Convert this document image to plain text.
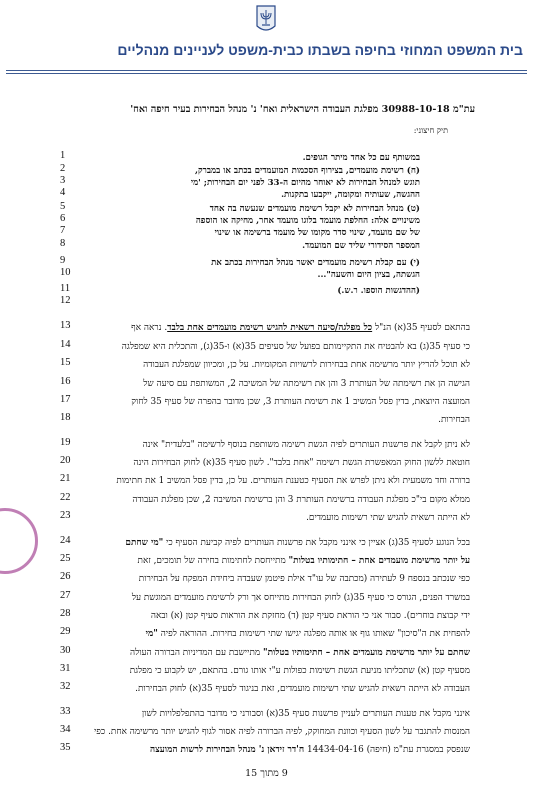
בית המשפט המחוזי בחיפה בשבתו כבית-משפט לעניינים מנהליים
עת"מ 30988-10-18 מפלגת העבודה הישראלית ואח' נ' מנהל הבחירות בעיר חיפה ואח'
תיק חיצוני:
1	במשותף עם כל אחד מיתר הגופים.
2	(ח) רשימת מועמדים, בצירוף הסכמות המועמדים בכתב או במברק,
3	תוגש למנהל הבחירות לא יאוחר מהיום ה-33 לפני יום הבחירות; 'מי
4	ההגשה, שעותיה ומקומה, ייקבעו בתקנות.
5	(ט) מנהל הבחירות לא יקבל רשימת מועמדים שנעשה בה אחד
6	משינויים אלה: החלפת מועמד בלוגו מועמד אחר, מחיקה או הוספה
7	של שם מועמד, שינוי סדר מקומו של מועמד ברשימה או שינוי
8	המספר הסידורי שליד שם המועמד.
9	(י) עם קבלת רשימת מועמדים יאשר מנהל הבחירות בכתב את
10	הגשתה, בציון היום והשעה"...
11	(ההדגשות הוספו. ר.ש.)
12
13	בהתאם לסעיף 35(א) הנ"ל כל מפלגה/סיעה רשאית להגיש רשימת מועמדים אחת בלבד. נראה אף
14	כי סעיף 35(ג) בא להבטיח את התקיימותם בפועל של סעיפים 35(א) ו-35(ג), והתכלית היא שמפלגה
15	לא תוכל להריץ יותר מרשימה אחת בבחירות לרשויות המקומיות. על כן, ומכיוון שמפלגת העבודה
16	הגישה הן את רשימתה של העותרת 3 והן את רשימתה של המשיבה 2, המשותפת עם סיעה של
17	המועצה היוצאת, בדין פסל המשיב 1 את רשימת העותרת 3, שכן מדובר בהפרה של סעיף 35 לחוק
18	הבחירות.
19	לא ניתן לקבל את פרשנות העותרים לפיה הגשת רשימה משותפת בנוסף לרשימה "בלעדית" אינה
20	חוטאת ללשון החוק המאפשרת הגשת רשימה "אחת בלבד". לשון סעיף 35(א) לחוק הבחירות הינה
21	ברורה וחד משמעית ולא ניתן לפרש את הסעיף כטענת העותרים. על כן, בדין פסל המשיב 1 את חתימות
22	ממלא מקום בי"כ מפלגת העבודה ברשימת העותרת 3 והן ברשימת המשיבה 2, שכן מפלגת העבודה
23	לא הייתה רשאית להגיש שתי רשימות מועמדים.
24	בכל הנוגע לסעיף 35(ג) אציין כי אינני מקבל את פרשנות העותרים לפיה קביעת הסעיף כי "מי שחתם
25	על יותר מרשימת מועמדים אחת – חתימותיו בטלות" מתייחסת לחתימות בחירה של תומכים, זאת
26	כפי שנכתב בנספח 9 לעתירה (מכתבה של עו"ד אילת פיטמן שעבדה ביחידת המפקח על הבחירות
27	במשרד הפנים, הגורס כי סעיף 35(ג) לחוק הבחירות מתייחס אך ורק לרשימת מועמדים המוגשת על
28	ידי קבוצת בוחרים). סבור אני כי הוראת סעיף קטן (ד) מחזקת את הוראות סעיף קטן (א) ובאה
29	להפחית את ה"סיכון" שאותו גוף או אותה מפלגה יגישו שתי רשימות בחירות. ההוראה לפיה "מי
30	שחתם על יותר מרשימת מועמדים אחת – חתימותיו בטלות" מתיישבת עם המדיניות הברורה העולה
31	מסעיף קטן (א) שתכליתו מניעת הגשת רשימות כפולות ע"י אותו גורם. בהתאם, יש לקבוע כי מפלגת
32	העבודה לא הייתה רשאית להגיש שתי רשימות מועמדים, זאת בניגוד לסעיף 35(א) לחוק הבחירות.
33	אינני מקבל את טענות העותרים לעניין פרשנות סעיף 35(א) וסבורני כי מדובר בהתפלפלויות לשון
34	המנסות להתגבר על לשון הסעיף וכוונת המחוקק, לפיה הברורה לפיה אסור לגוף להגיש יותר מרשימה אחת. כפי
35	שנפסק במסגרת עת"מ (חיפה) 14434-04-16 ח'דר זידאן נ' מנהל הבחירות לרשות המועצה
9 מתוך 15
